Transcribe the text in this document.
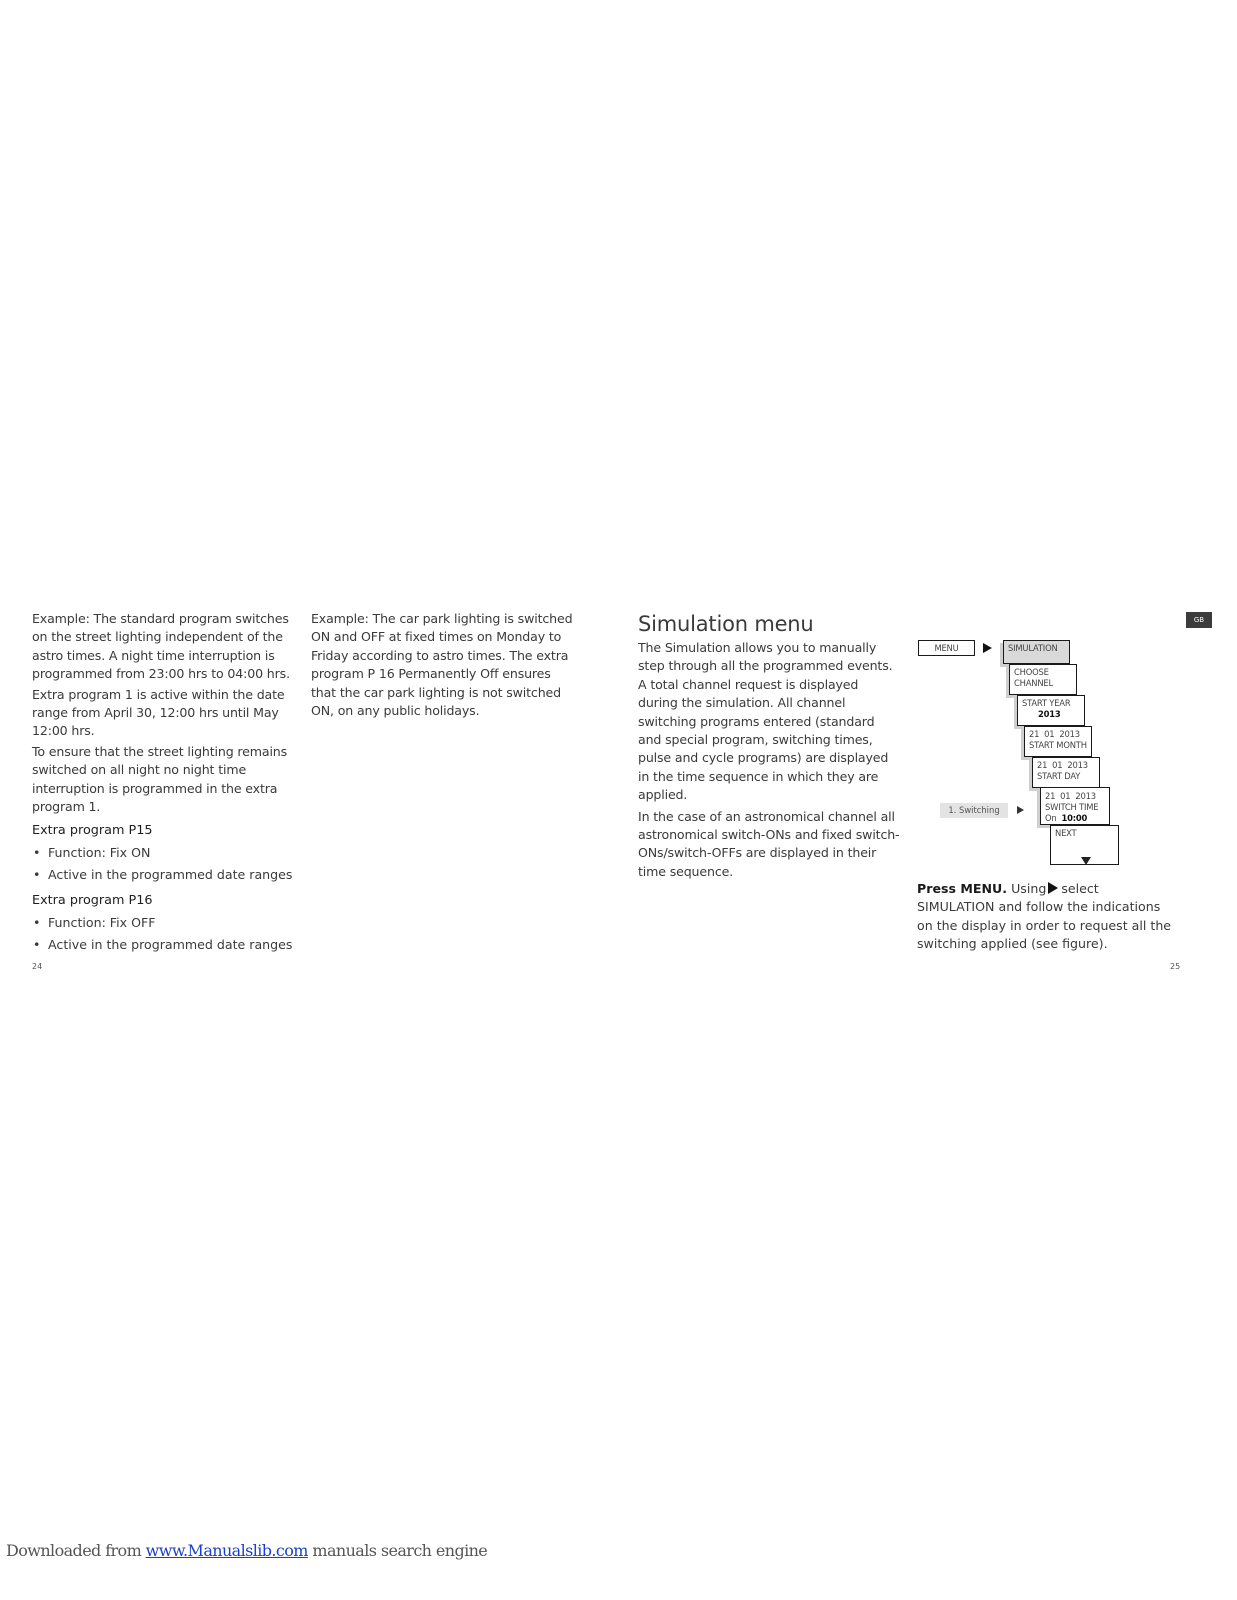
Example: The standard program switches on the street lighting independent of the astro times. A night time interruption is programmed from 23:00 hrs to 04:00 hrs.

Extra program 1 is active within the date range from April 30, 12:00 hrs until May 12:00 hrs.

To ensure that the street lighting remains switched on all night no night time interruption is programmed in the extra program 1.

Extra program P15
• Function: Fix ON
• Active in the programmed date ranges
Extra program P16
• Function: Fix OFF
• Active in the programmed date ranges

Example: The car park lighting is switched ON and OFF at fixed times on Monday to Friday according to astro times. The extra program P 16 Permanently Off ensures that the car park lighting is not switched ON, on any public holidays.

24
Simulation menu

The Simulation allows you to manually step through all the programmed events. A total channel request is displayed during the simulation. All channel switching programs entered (standard and special program, switching times, pulse and cycle programs) are displayed in the time sequence in which they are applied.

In the case of an astronomical channel all astronomical switch-ONs and fixed switch-ONs/switch-OFFs are displayed in their time sequence.

GB
MENU	SIMULATION
CHOOSE CHANNEL
START YEAR
2013
21  01  2013
START MONTH
21  01  2013
START DAY
1. Switching
21  01  2013
SWITCH TIME
On 10:00
NEXT
Press MENU. Using select SIMULATION and follow the indications on the display in order to request all the switching applied (see figure).
25
Downloaded from www.Manualslib.com manuals search engine
